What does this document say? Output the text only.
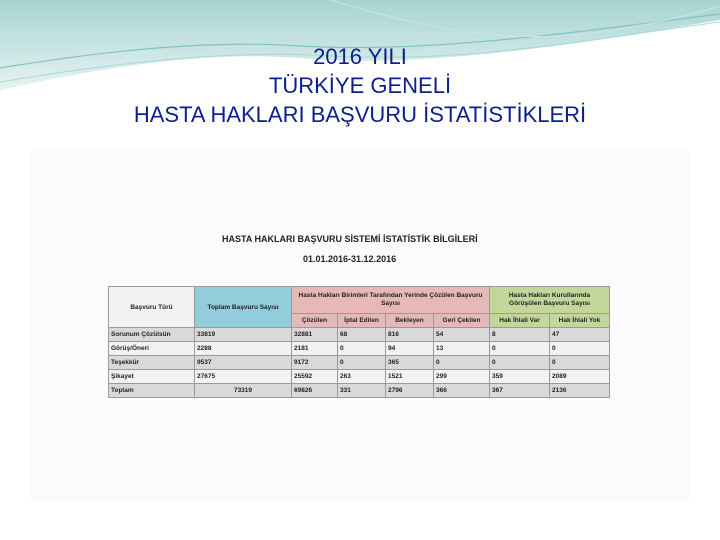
2016 YILI
TÜRKİYE GENELİ
HASTA HAKLARI BAŞVURU İSTATİSTİKLERİ
HASTA HAKLARI BAŞVURU SİSTEMİ İSTATİSTİK BİLGİLERİ
01.01.2016-31.12.2016
Başvuru Türü	Toplam Başvuru Sayısı	Hasta Hakları Birimleri Tarafından Yerinde Çözülen Başvuru Sayısı				Hasta Hakları Kurullarında Görüşülen Başvuru Sayısı	
		Çözülen	İptal Edilen	Bekleyen	Geri Çekilen	Hak İhlali Var	Hak İhlali Yok
Sorunum Çözülsün	33819	32881	68	816	54	8	47
Görüş/Öneri	2288	2181	0	94	13	0	0
Teşekkür	9537	9172	0	365	0	0	0
Şikayet	27675	25592	263	1521	299	359	2089
Toplam	73319	69826	331	2796	366	367	2136
